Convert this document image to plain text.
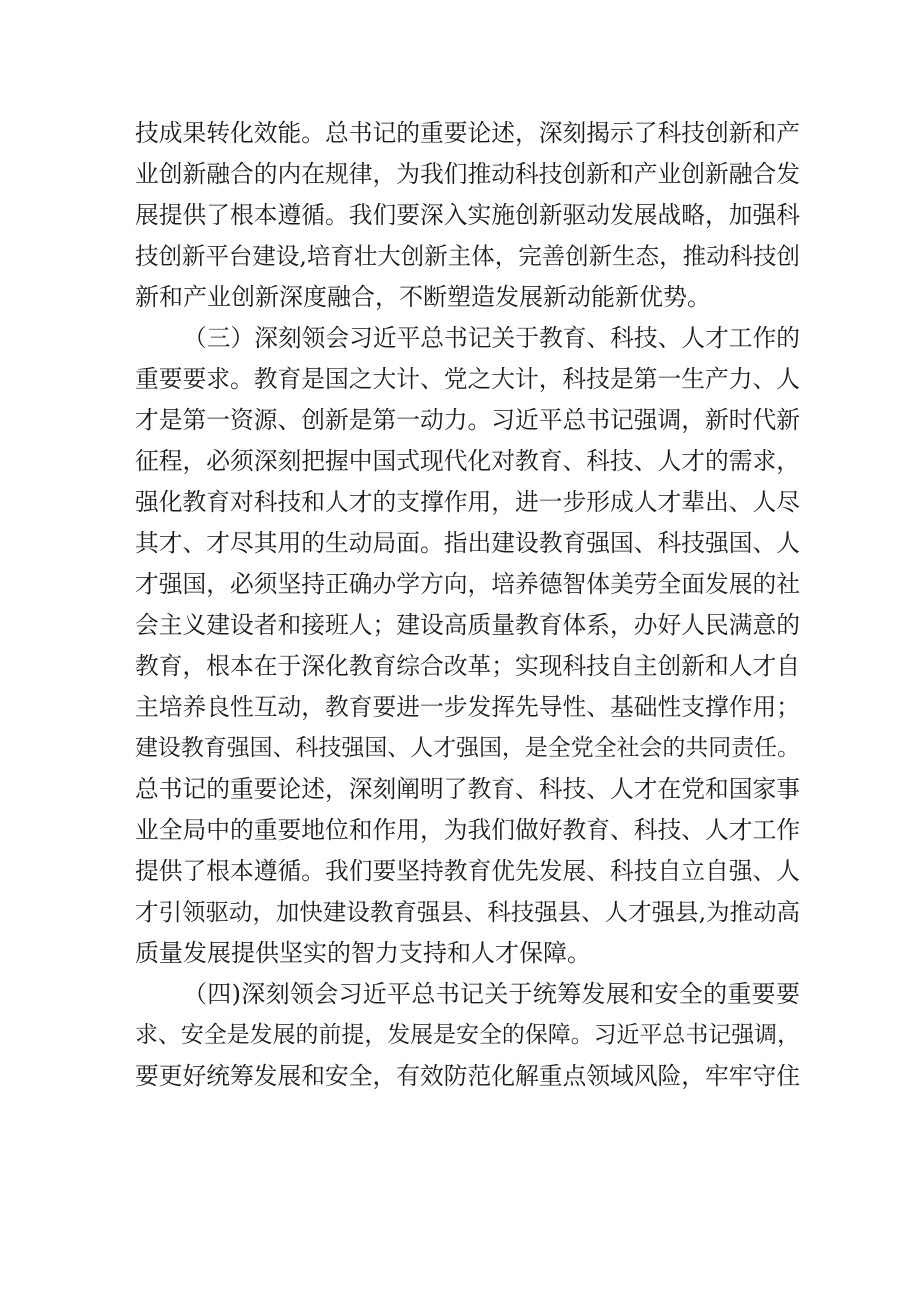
技成果转化效能。总书记的重要论述，深刻揭示了科技创新和产
业创新融合的内在规律，为我们推动科技创新和产业创新融合发
展提供了根本遵循。我们要深入实施创新驱动发展战略，加强科
技创新平台建设,培育壮大创新主体，完善创新生态，推动科技创
新和产业创新深度融合，不断塑造发展新动能新优势。
（三）深刻领会习近平总书记关于教育、科技、人才工作的
重要要求。教育是国之大计、党之大计，科技是第一生产力、人
才是第一资源、创新是第一动力。习近平总书记强调，新时代新
征程，必须深刻把握中国式现代化对教育、科技、人才的需求，
强化教育对科技和人才的支撑作用，进一步形成人才辈出、人尽
其才、才尽其用的生动局面。指出建设教育强国、科技强国、人
才强国，必须坚持正确办学方向，培养德智体美劳全面发展的社
会主义建设者和接班人；建设高质量教育体系，办好人民满意的
教育，根本在于深化教育综合改革；实现科技自主创新和人才自
主培养良性互动，教育要进一步发挥先导性、基础性支撑作用；
建设教育强国、科技强国、人才强国，是全党全社会的共同责任。
总书记的重要论述，深刻阐明了教育、科技、人才在党和国家事
业全局中的重要地位和作用，为我们做好教育、科技、人才工作
提供了根本遵循。我们要坚持教育优先发展、科技自立自强、人
才引领驱动，加快建设教育强县、科技强县、人才强县,为推动高
质量发展提供坚实的智力支持和人才保障。
（四)深刻领会习近平总书记关于统筹发展和安全的重要要
求、安全是发展的前提，发展是安全的保障。习近平总书记强调，
要更好统筹发展和安全，有效防范化解重点领域风险，牢牢守住
